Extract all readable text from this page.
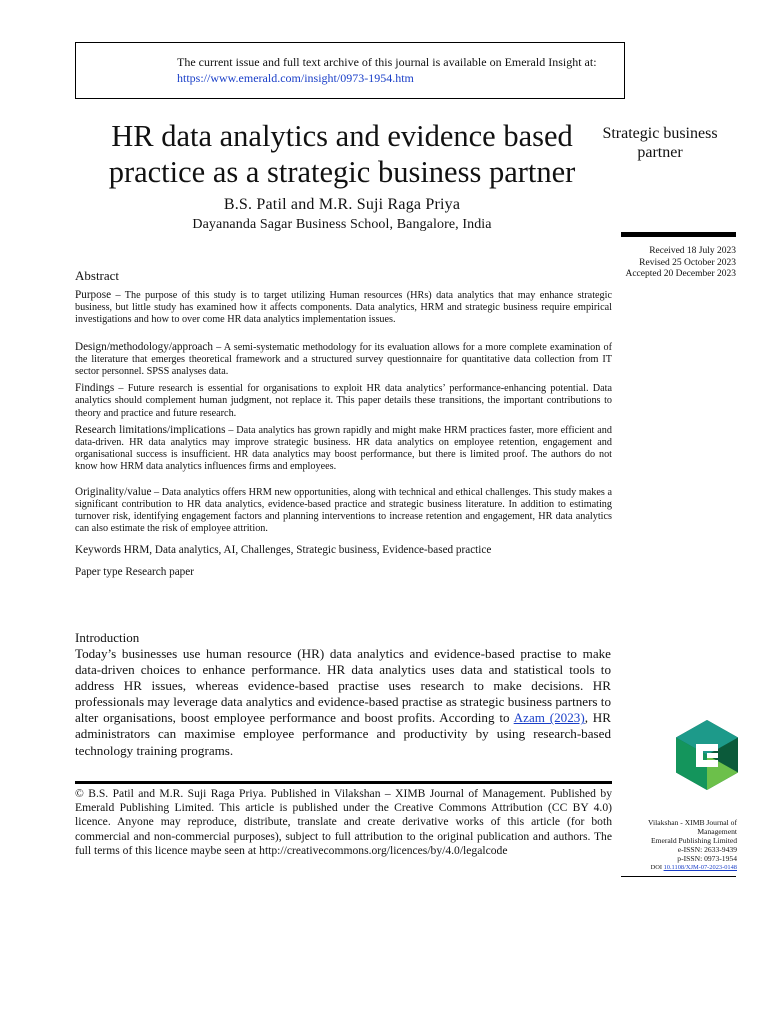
The current issue and full text archive of this journal is available on Emerald Insight at:
https://www.emerald.com/insight/0973-1954.htm
HR data analytics and evidence based
practice as a strategic business partner
Strategic business
partner
B.S. Patil and M.R. Suji Raga Priya
Dayananda Sagar Business School, Bangalore, India
Received 18 July 2023
Revised 25 October 2023
Accepted 20 December 2023
Abstract

Purpose – The purpose of this study is to target utilizing Human resources (HRs) data analytics that may enhance strategic business, but little study has examined how it affects components. Data analytics, HRM and strategic business require empirical investigations and how to over come HR data analytics implementation issues.

Design/methodology/approach – A semi-systematic methodology for its evaluation allows for a more complete examination of the literature that emerges theoretical framework and a structured survey questionnaire for quantitative data collection from IT sector personnel. SPSS analyses data.

Findings – Future research is essential for organisations to exploit HR data analytics’ performance-enhancing potential. Data analytics should complement human judgment, not replace it. This paper details these transitions, the important contributions to theory and practice and future research.

Research limitations/implications – Data analytics has grown rapidly and might make HRM practices faster, more efficient and data-driven. HR data analytics may improve strategic business. HR data analytics on employee retention, engagement and organisational success is insufficient. HR data analytics may boost performance, but there is limited proof. The authors do not know how HRM data analytics influences firms and employees.

Originality/value – Data analytics offers HRM new opportunities, along with technical and ethical challenges. This study makes a significant contribution to HR data analytics, evidence-based practice and strategic business literature. In addition to estimating turnover risk, identifying engagement factors and planning interventions to increase retention and engagement, HR data analytics can also estimate the risk of employee attrition.

Keywords HRM, Data analytics, AI, Challenges, Strategic business, Evidence-based practice

Paper type Research paper

Introduction
Today’s businesses use human resource (HR) data analytics and evidence-based practise to make data-driven choices to enhance performance. HR data analytics uses data and statistical tools to address HR issues, whereas evidence-based practise uses research to make decisions. HR professionals may leverage data analytics and evidence-based practise as strategic business partners to alter organisations, boost employee performance and boost profits. According to Azam (2023), HR administrators can maximise employee performance and productivity by using research-based technology training programs.
© B.S. Patil and M.R. Suji Raga Priya. Published in Vilakshan – XIMB Journal of Management. Published by Emerald Publishing Limited. This article is published under the Creative Commons Attribution (CC BY 4.0) licence. Anyone may reproduce, distribute, translate and create derivative works of this article (for both commercial and non-commercial purposes), subject to full attribution to the original publication and authors. The full terms of this licence maybe seen at http://creativecommons.org/licences/by/4.0/legalcode
Vilakshan - XIMB Journal of Management
Emerald Publishing Limited
e-ISSN: 2633-9439
p-ISSN: 0973-1954
DOI 10.1108/XJM-07-2023-0148
